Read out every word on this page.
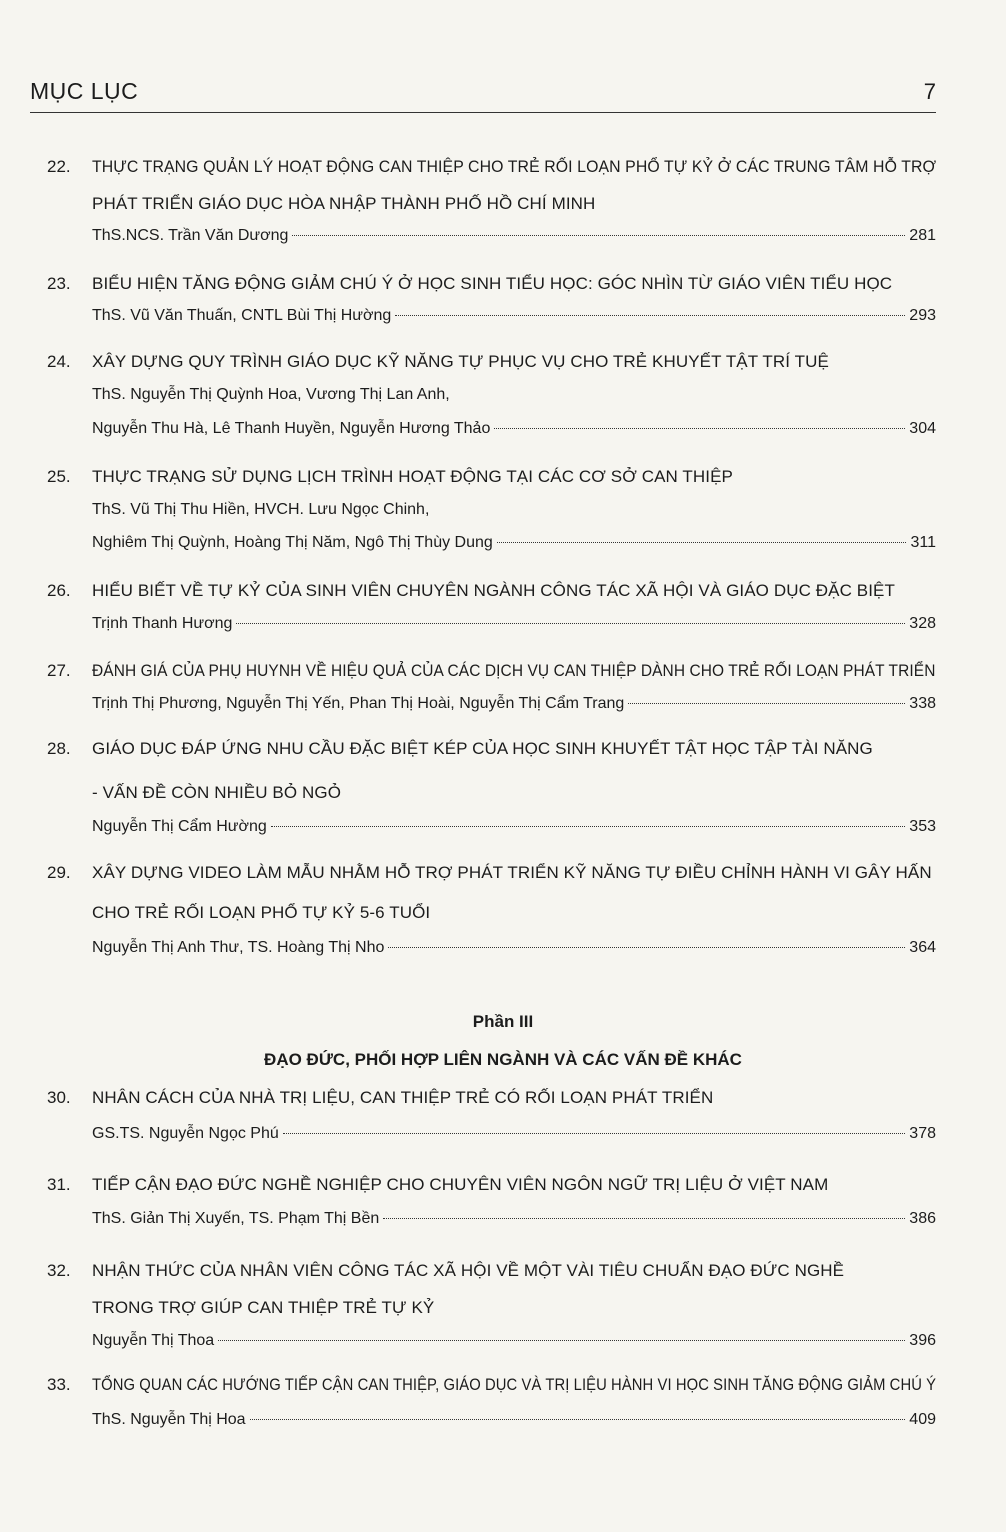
MỤC LỤC	7
22. THỰC TRẠNG QUẢN LÝ HOẠT ĐỘNG CAN THIỆP CHO TRẺ RỐI LOẠN PHỔ TỰ KỶ Ở CÁC TRUNG TÂM HỖ TRỢ
PHÁT TRIỂN GIÁO DỤC HÒA NHẬP THÀNH PHỐ HỒ CHÍ MINH
ThS.NCS. Trần Văn Dương	281
23. BIỂU HIỆN TĂNG ĐỘNG GIẢM CHÚ Ý Ở HỌC SINH TIỂU HỌC: GÓC NHÌN TỪ GIÁO VIÊN TIỂU HỌC
ThS. Vũ Văn Thuấn, CNTL Bùi Thị Hường	293
24. XÂY DỰNG QUY TRÌNH GIÁO DỤC KỸ NĂNG TỰ PHỤC VỤ CHO TRẺ KHUYẾT TẬT TRÍ TUỆ
ThS. Nguyễn Thị Quỳnh Hoa, Vương Thị Lan Anh,
Nguyễn Thu Hà, Lê Thanh Huyền, Nguyễn Hương Thảo	304
25. THỰC TRẠNG SỬ DỤNG LỊCH TRÌNH HOẠT ĐỘNG TẠI CÁC CƠ SỞ CAN THIỆP
ThS. Vũ Thị Thu Hiền, HVCH. Lưu Ngọc Chinh,
Nghiêm Thị Quỳnh, Hoàng Thị Năm, Ngô Thị Thùy Dung	311
26. HIỂU BIẾT VỀ TỰ KỶ CỦA SINH VIÊN CHUYÊN NGÀNH CÔNG TÁC XÃ HỘI VÀ GIÁO DỤC ĐẶC BIỆT
Trịnh Thanh Hương	328
27. ĐÁNH GIÁ CỦA PHỤ HUYNH VỀ HIỆU QUẢ CỦA CÁC DỊCH VỤ CAN THIỆP DÀNH CHO TRẺ RỐI LOẠN PHÁT TRIỂN
Trịnh Thị Phương, Nguyễn Thị Yến, Phan Thị Hoài, Nguyễn Thị Cẩm Trang	338
28. GIÁO DỤC ĐÁP ỨNG NHU CẦU ĐẶC BIỆT KÉP CỦA HỌC SINH KHUYẾT TẬT HỌC TẬP TÀI NĂNG
- VẤN ĐỀ CÒN NHIỀU BỎ NGỎ
Nguyễn Thị Cẩm Hường	353
29. XÂY DỰNG VIDEO LÀM MẪU NHẰM HỖ TRỢ PHÁT TRIỂN KỸ NĂNG TỰ ĐIỀU CHỈNH HÀNH VI GÂY HẤN
CHO TRẺ RỐI LOẠN PHỔ TỰ KỶ 5-6 TUỔI
Nguyễn Thị Anh Thư, TS. Hoàng Thị Nho	364
30. NHÂN CÁCH CỦA NHÀ TRỊ LIỆU, CAN THIỆP TRẺ CÓ RỐI LOẠN PHÁT TRIỂN
GS.TS. Nguyễn Ngọc Phú	378
31. TIẾP CẬN ĐẠO ĐỨC NGHỀ NGHIỆP CHO CHUYÊN VIÊN NGÔN NGỮ TRỊ LIỆU Ở VIỆT NAM
ThS. Giản Thị Xuyến, TS. Phạm Thị Bền	386
32. NHẬN THỨC CỦA NHÂN VIÊN CÔNG TÁC XÃ HỘI VỀ MỘT VÀI TIÊU CHUẨN ĐẠO ĐỨC NGHỀ
TRONG TRỢ GIÚP CAN THIỆP TRẺ TỰ KỶ
Nguyễn Thị Thoa	396
33. TỔNG QUAN CÁC HƯỚNG TIẾP CẬN CAN THIỆP, GIÁO DỤC VÀ TRỊ LIỆU HÀNH VI HỌC SINH TĂNG ĐỘNG GIẢM CHÚ Ý
ThS. Nguyễn Thị Hoa	409
Phần III
ĐẠO ĐỨC, PHỐI HỢP LIÊN NGÀNH VÀ CÁC VẤN ĐỀ KHÁC
